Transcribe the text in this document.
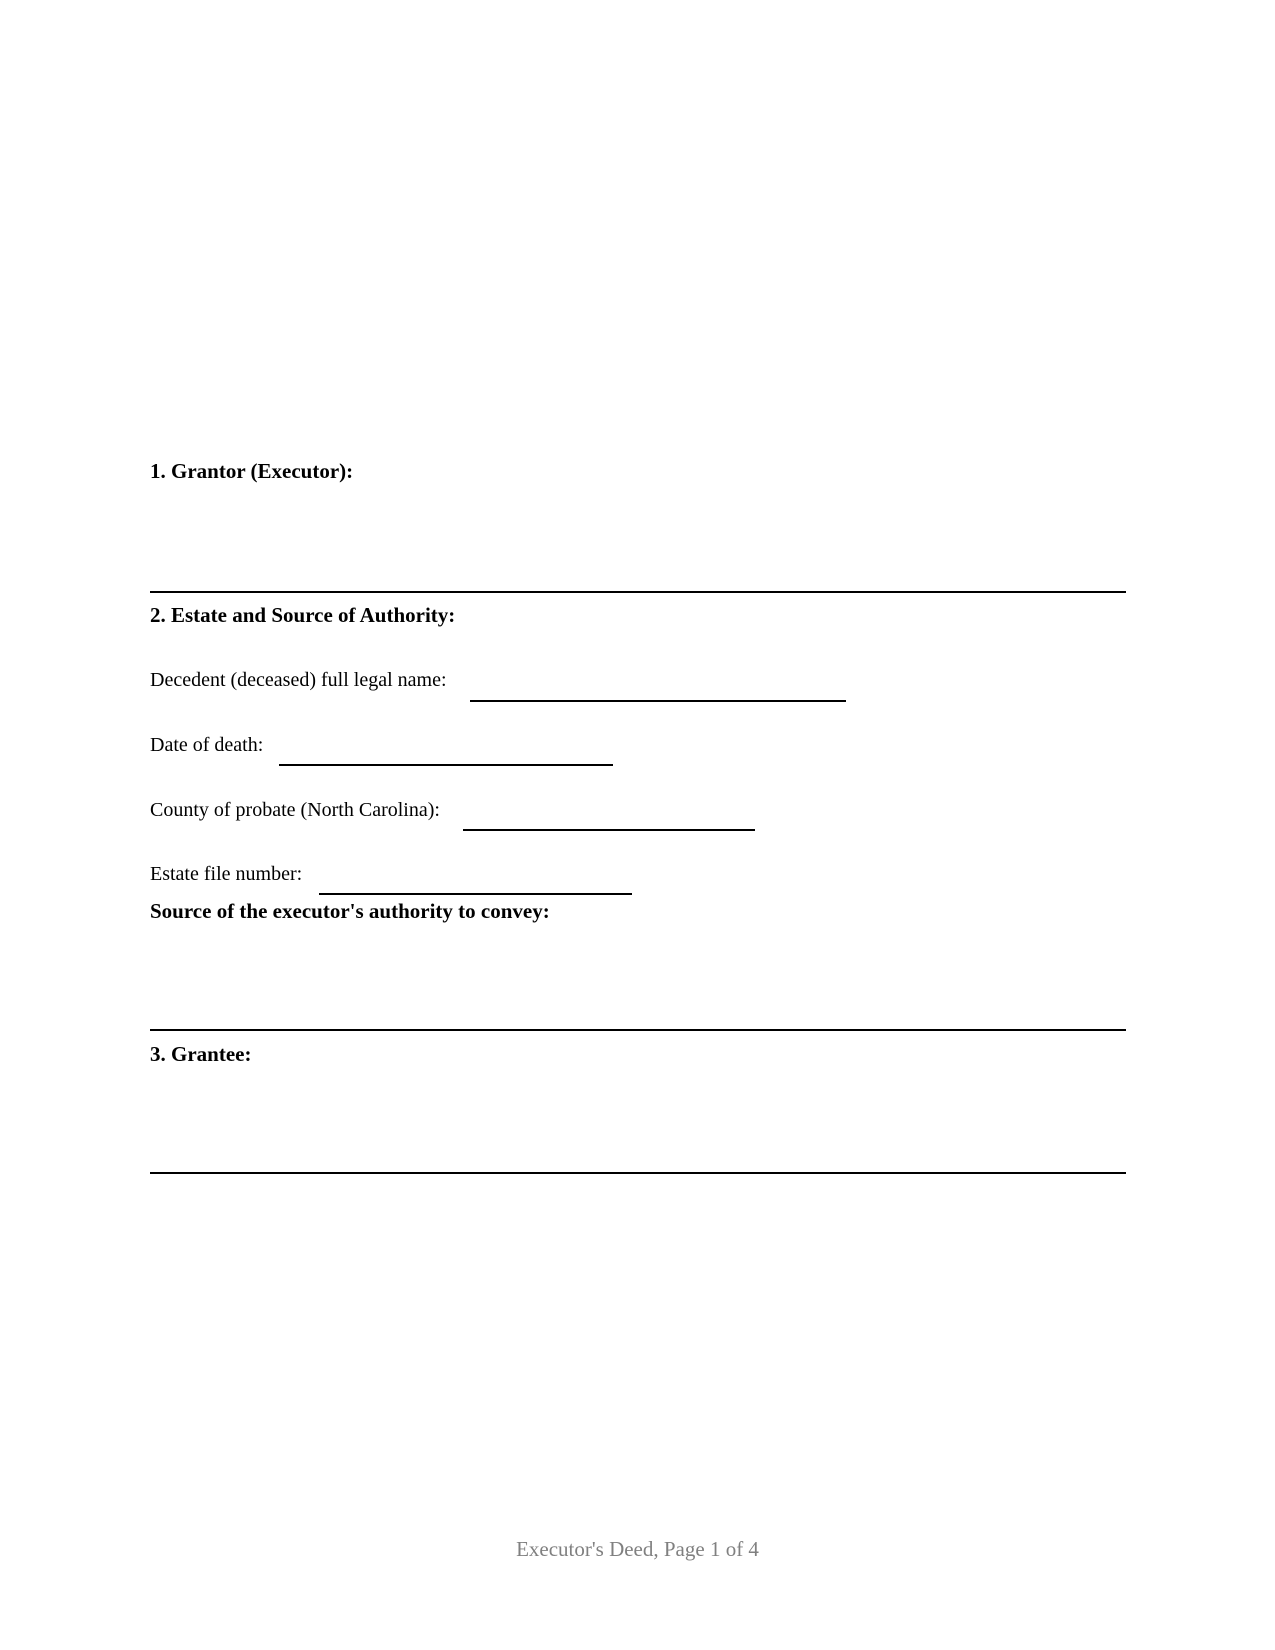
1. Grantor (Executor):
2. Estate and Source of Authority:
Decedent (deceased) full legal name:
Date of death:
County of probate (North Carolina):
Estate file number:
Source of the executor's authority to convey:
3. Grantee:
Executor's Deed, Page 1 of 4
